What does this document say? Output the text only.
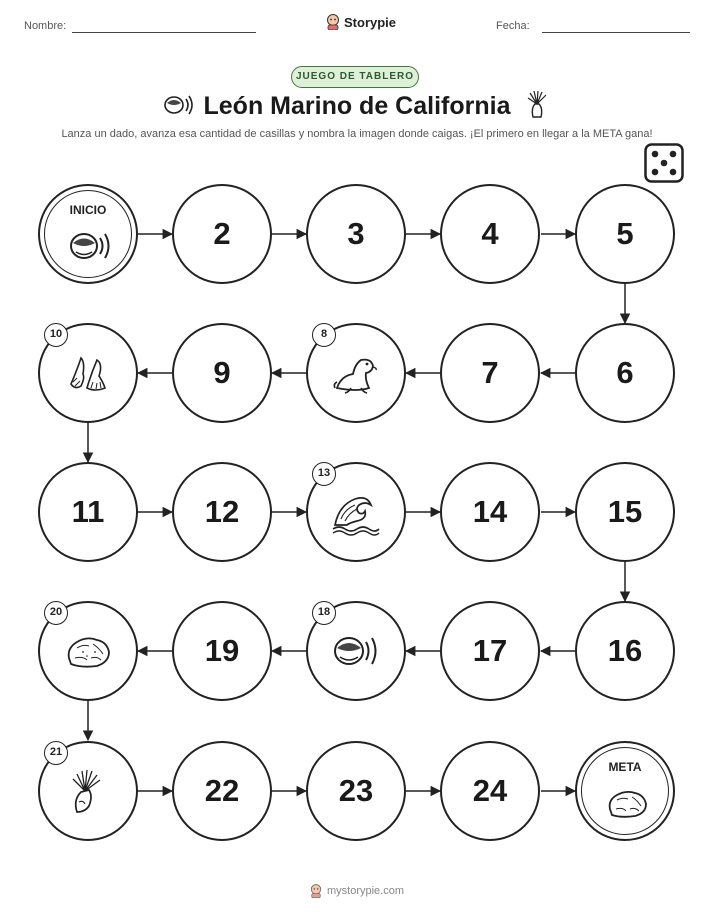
Nombre:	Storypie	Fecha:
JUEGO DE TABLERO
León Marino de California
Lanza un dado, avanza esa cantidad de casillas y nombra la imagen donde caigas. ¡El primero en llegar a la META gana!
INICIO
2	3	4	5
6
7
8
9
10
11	12
13
14	15
16
17
18
19
20
21
22	23	24
META
mystorypie.com
